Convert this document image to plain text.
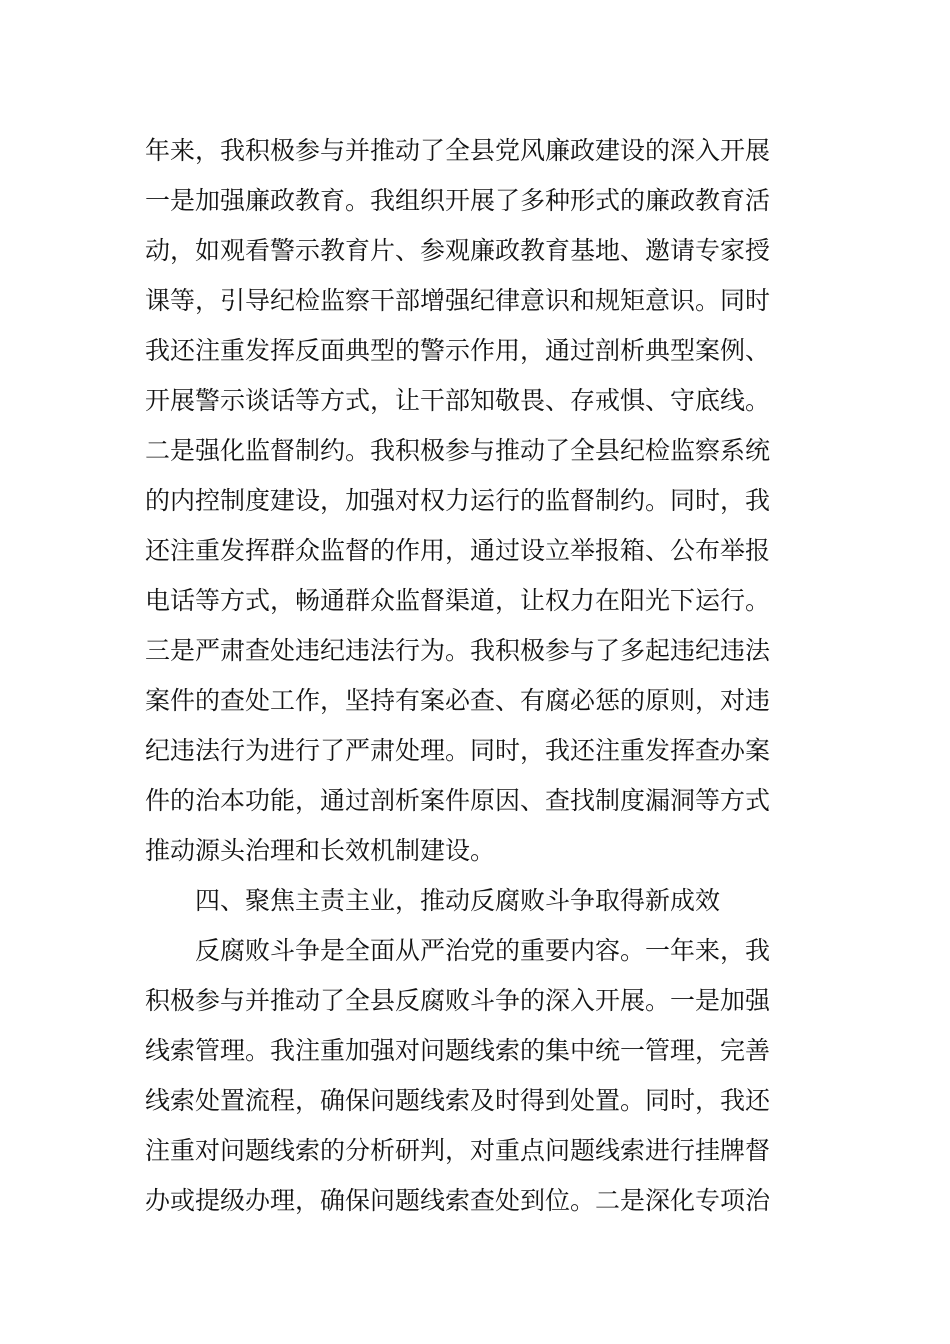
年来，我积极参与并推动了全县党风廉政建设的深入开展
一是加强廉政教育。我组织开展了多种形式的廉政教育活
动，如观看警示教育片、参观廉政教育基地、邀请专家授
课等，引导纪检监察干部增强纪律意识和规矩意识。同时
我还注重发挥反面典型的警示作用，通过剖析典型案例、
开展警示谈话等方式，让干部知敬畏、存戒惧、守底线。
二是强化监督制约。我积极参与推动了全县纪检监察系统
的内控制度建设，加强对权力运行的监督制约。同时，我
还注重发挥群众监督的作用，通过设立举报箱、公布举报
电话等方式，畅通群众监督渠道，让权力在阳光下运行。
三是严肃查处违纪违法行为。我积极参与了多起违纪违法
案件的查处工作，坚持有案必查、有腐必惩的原则，对违
纪违法行为进行了严肃处理。同时，我还注重发挥查办案
件的治本功能，通过剖析案件原因、查找制度漏洞等方式
推动源头治理和长效机制建设。
四、聚焦主责主业，推动反腐败斗争取得新成效
反腐败斗争是全面从严治党的重要内容。一年来，我
积极参与并推动了全县反腐败斗争的深入开展。一是加强
线索管理。我注重加强对问题线索的集中统一管理，完善
线索处置流程，确保问题线索及时得到处置。同时，我还
注重对问题线索的分析研判，对重点问题线索进行挂牌督
办或提级办理，确保问题线索查处到位。二是深化专项治
